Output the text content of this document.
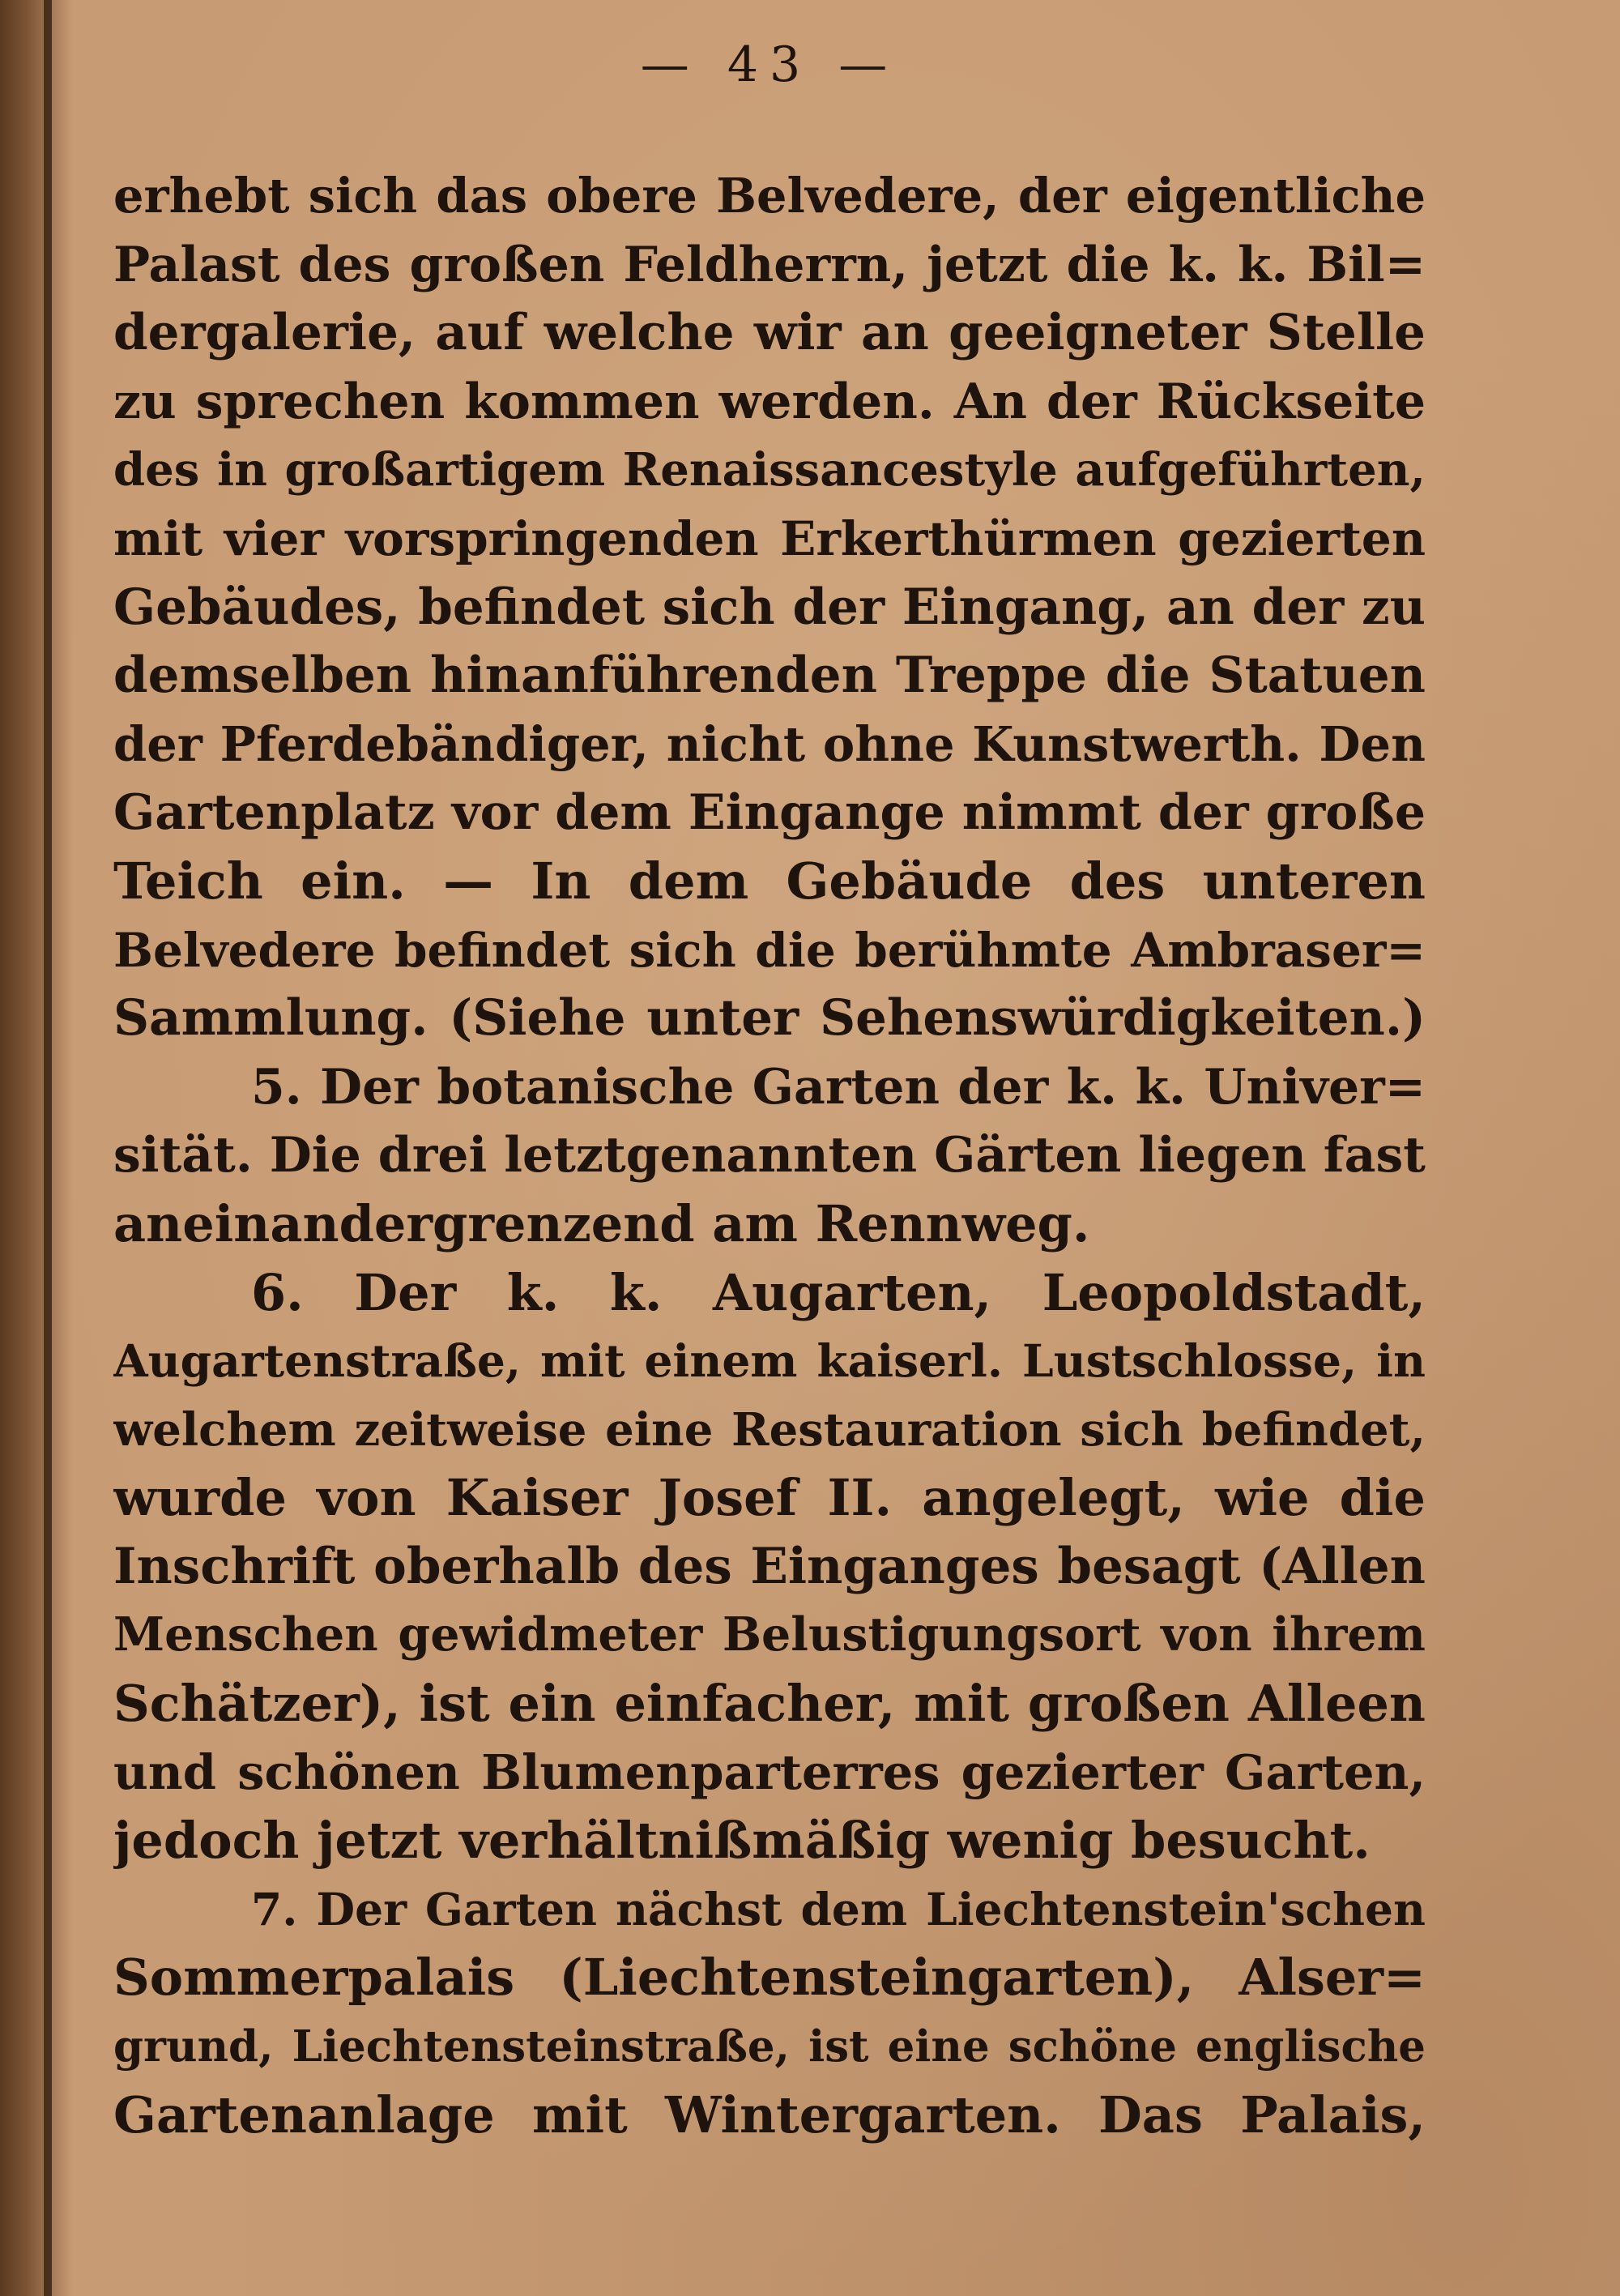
— 43 —
erhebt sich das obere Belvedere, der eigentliche
Palast des großen Feldherrn, jetzt die k. k. Bil=
dergalerie, auf welche wir an geeigneter Stelle
zu sprechen kommen werden. An der Rückseite
des in großartigem Renaissancestyle aufgeführten,
mit vier vorspringenden Erkerthürmen gezierten
Gebäudes, befindet sich der Eingang, an der zu
demselben hinanführenden Treppe die Statuen
der Pferdebändiger, nicht ohne Kunstwerth. Den
Gartenplatz vor dem Eingange nimmt der große
Teich ein. — In dem Gebäude des unteren
Belvedere befindet sich die berühmte Ambraser=
Sammlung. (Siehe unter Sehenswürdigkeiten.)
5. Der botanische Garten der k. k. Univer=
sität. Die drei letztgenannten Gärten liegen fast
aneinandergrenzend am Rennweg.
6. Der k. k. Augarten, Leopoldstadt,
Augartenstraße, mit einem kaiserl. Lustschlosse, in
welchem zeitweise eine Restauration sich befindet,
wurde von Kaiser Josef II. angelegt, wie die
Inschrift oberhalb des Einganges besagt (Allen
Menschen gewidmeter Belustigungsort von ihrem
Schätzer), ist ein einfacher, mit großen Alleen
und schönen Blumenparterres gezierter Garten,
jedoch jetzt verhältnißmäßig wenig besucht.
7. Der Garten nächst dem Liechtenstein'schen
Sommerpalais (Liechtensteingarten), Alser=
grund, Liechtensteinstraße, ist eine schöne englische
Gartenanlage mit Wintergarten. Das Palais,
